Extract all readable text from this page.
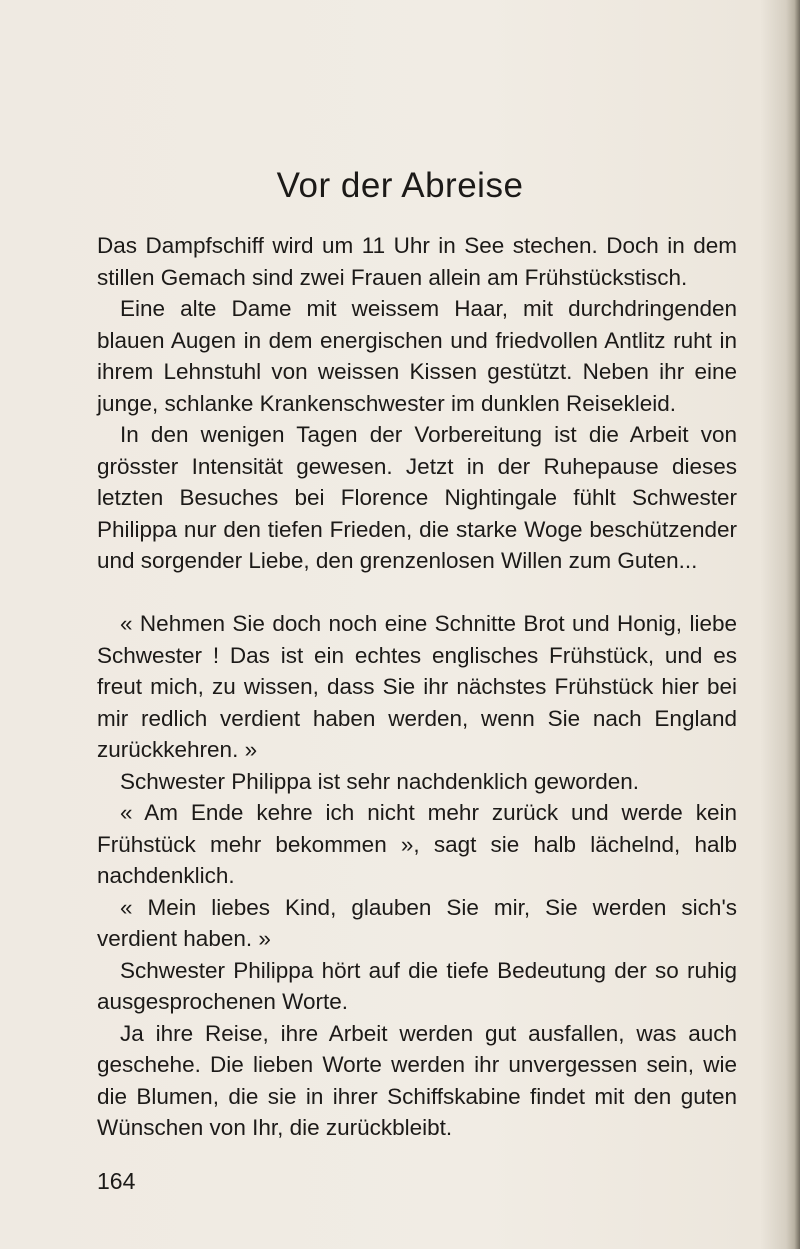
Vor der Abreise

Das Dampfschiff wird um 11 Uhr in See stechen. Doch in dem stillen Gemach sind zwei Frauen allein am Frühstückstisch.

Eine alte Dame mit weissem Haar, mit durchdringenden blauen Augen in dem energischen und friedvollen Antlitz ruht in ihrem Lehnstuhl von weissen Kissen gestützt. Neben ihr eine junge, schlanke Krankenschwester im dunklen Reisekleid.

In den wenigen Tagen der Vorbereitung ist die Arbeit von grösster Intensität gewesen. Jetzt in der Ruhepause dieses letzten Besuches bei Florence Nightingale fühlt Schwester Philippa nur den tiefen Frieden, die starke Woge beschützender und sorgender Liebe, den grenzenlosen Willen zum Guten...

« Nehmen Sie doch noch eine Schnitte Brot und Honig, liebe Schwester ! Das ist ein echtes englisches Frühstück, und es freut mich, zu wissen, dass Sie ihr nächstes Frühstück hier bei mir redlich verdient haben werden, wenn Sie nach England zurückkehren. »

Schwester Philippa ist sehr nachdenklich geworden.

« Am Ende kehre ich nicht mehr zurück und werde kein Frühstück mehr bekommen », sagt sie halb lächelnd, halb nachdenklich.

« Mein liebes Kind, glauben Sie mir, Sie werden sich's verdient haben. »

Schwester Philippa hört auf die tiefe Bedeutung der so ruhig ausgesprochenen Worte.

Ja ihre Reise, ihre Arbeit werden gut ausfallen, was auch geschehe. Die lieben Worte werden ihr unvergessen sein, wie die Blumen, die sie in ihrer Schiffskabine findet mit den guten Wünschen von Ihr, die zurückbleibt.

164
